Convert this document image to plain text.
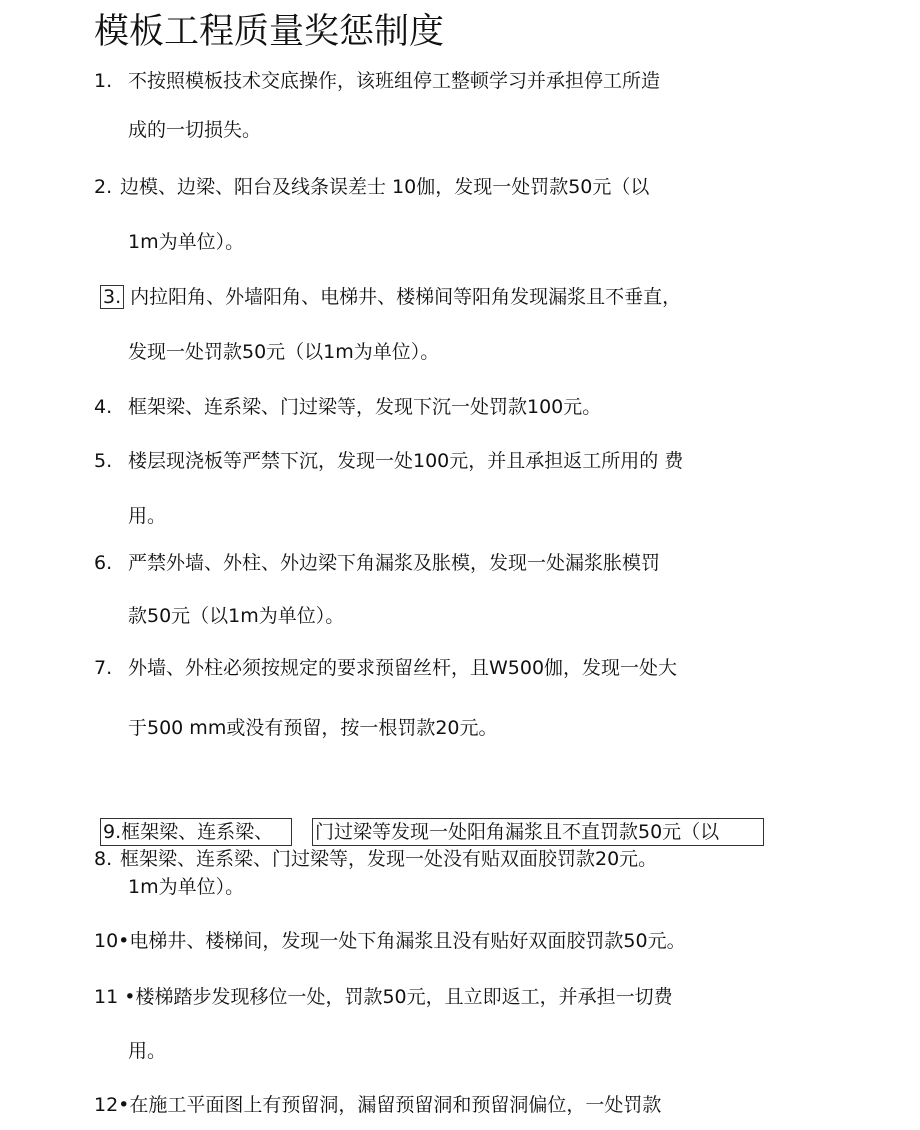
模板工程质量奖惩制度
1. 不按照模板技术交底操作，该班组停工整顿学习并承担停工所造
成的一切损失。
2. 边模、边梁、阳台及线条误差士 10伽，发现一处罚款50元（以
1m为单位）。
3. 内拉阳角、外墙阳角、电梯井、楼梯间等阳角发现漏浆且不垂直，
发现一处罚款50元（以1m为单位）。
4. 框架梁、连系梁、门过梁等，发现下沉一处罚款100元。
5. 楼层现浇板等严禁下沉，发现一处100元，并且承担返工所用的 费
用。
6. 严禁外墙、外柱、外边梁下角漏浆及胀模，发现一处漏浆胀模罚
款50元（以1m为单位）。
7. 外墙、外柱必须按规定的要求预留丝杆，且W500伽，发现一处大
于500 mm或没有预留，按一根罚款20元。
9.框架梁、连系梁、	门过梁等发现一处阳角漏浆且不直罚款50元（以
8. 框架梁、连系梁、门过梁等，发现一处没有贴双面胶罚款20元。
1m为单位）。
10•电梯井、楼梯间，发现一处下角漏浆且没有贴好双面胶罚款50元。
11 •楼梯踏步发现移位一处，罚款50元，且立即返工，并承担一切费
用。
12•在施工平面图上有预留洞，漏留预留洞和预留洞偏位，一处罚款
